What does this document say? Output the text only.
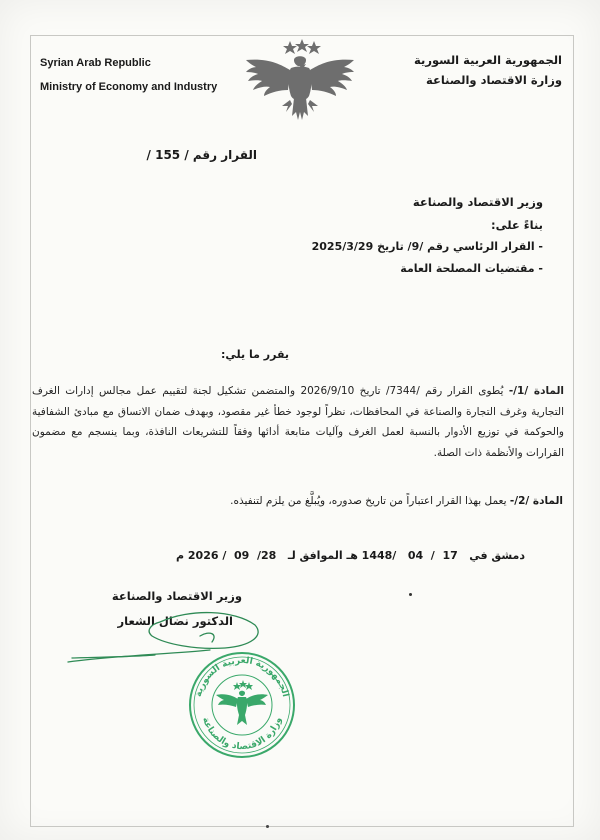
Syrian Arab Republic
Ministry of Economy and Industry
الجمهورية العربية السورية
وزارة الاقتصاد والصناعة
/ 155 / القرار رقم
وزير الاقتصاد والصناعة
بناءً على:
- القرار الرئاسي رقم /9/ تاريخ 2025/3/29
- مقتضيات المصلحة العامة
يقرر ما يلي:
المادة /1/- يُطوى القرار رقم /7344/ تاريخ 2026/9/10 والمتضمن تشكيل لجنة لتقييم عمل مجالس إدارات الغرف التجارية وغرف التجارة والصناعة في المحافظات، نظراً لوجود خطأ غير مقصود، وبهدف ضمان الاتساق مع مبادئ الشفافية والحوكمة في توزيع الأدوار بالنسبة لعمل الغرف وآليات متابعة أدائها وفقاً للتشريعات النافذة، وبما ينسجم مع مضمون القرارات والأنظمة ذات الصلة.
المادة /2/- يعمل بهذا القرار اعتباراً من تاريخ صدوره، ويُبلَّغ من يلزم لتنفيذه.
دمشق في   17  /  04   /1448 هـ الموافق لـ   28/  09  / 2026 م
وزير الاقتصاد والصناعة
الدكتور نضال الشعار
الجمهورية العربية السورية
وزارة الاقتصاد والصناعة
